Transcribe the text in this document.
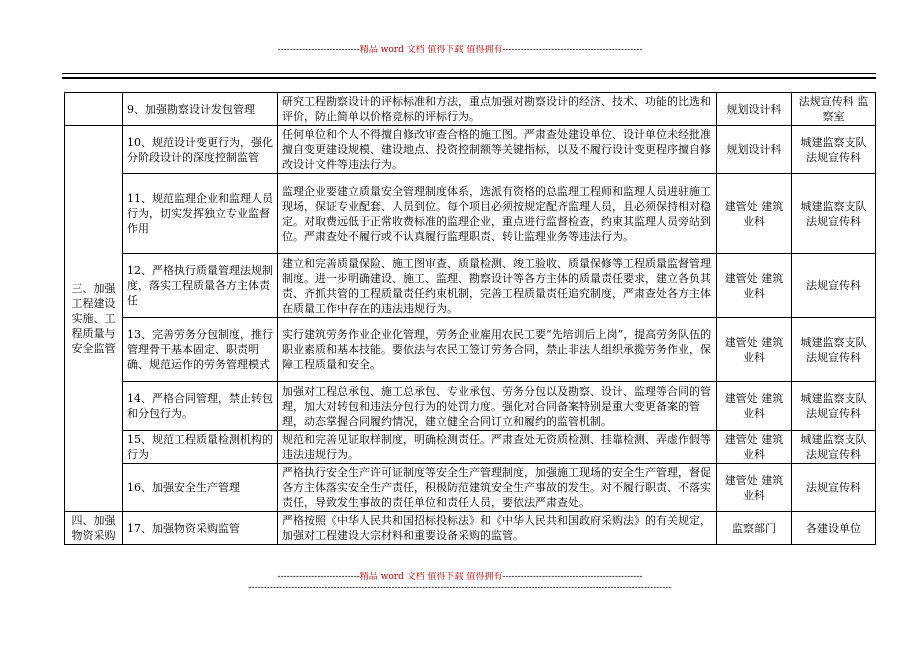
---------------------------精品 word 文档 值得下载 值得拥有----------------------------------------------
	9、加强勘察设计发包管理	研究工程勘察设计的评标标准和方法，重点加强对勘察设计的经济、技术、功能的比选和评价，防止简单以价格竞标的评标行为。	规划设计科	法规宣传科 监察室
三、加强工程建设实施、工程质量与安全监管	10、规范设计变更行为，强化分阶段设计的深度控制监管	任何单位和个人不得擅自修改审查合格的施工图。严肃查处建设单位、设计单位未经批准擅自变更建设规模、建设地点、投资控制额等关键指标，以及不履行设计变更程序擅自修改设计文件等违法行为。	规划设计科	城建监察支队 法规宣传科
	11、规范监理企业和监理人员行为，切实发挥独立专业监督作用	监理企业要建立质量安全管理制度体系，选派有资格的总监理工程师和监理人员进驻施工现场，保证专业配套、人员到位。每个项目必须按规定配齐监理人员，且必须保持相对稳定。对取费远低于正常收费标准的监理企业，重点进行监督检查，约束其监理人员旁站到位。严肃查处不履行或不认真履行监理职责、转让监理业务等违法行为。	建管处 建筑业科	城建监察支队 法规宣传科
	12、严格执行质量管理法规制度，落实工程质量各方主体责任	建立和完善质量保险、施工图审查、质量检测、竣工验收、质量保修等工程质量监督管理制度。进一步明确建设、施工、监理、勘察设计等各方主体的质量责任要求，建立各负其责、齐抓共管的工程质量责任约束机制，完善工程质量责任追究制度，严肃查处各方主体在质量工作中存在的违法违规行为。	建管处 建筑业科	法规宣传科
	13、完善劳务分包制度，推行管理骨干基本固定、职责明确、规范运作的劳务管理模式	实行建筑劳务作业企业化管理，劳务企业雇用农民工要“先培训后上岗”，提高劳务队伍的职业素质和基本技能。要依法与农民工签订劳务合同，禁止非法人组织承揽劳务作业，保障工程质量和安全。	建管处 建筑业科	城建监察支队 法规宣传科
	14、严格合同管理，禁止转包和分包行为。	加强对工程总承包、施工总承包、专业承包、劳务分包以及勘察、设计、监理等合同的管理，加大对转包和违法分包行为的处罚力度。强化对合同备案特别是重大变更备案的管理，动态掌握合同履约情况，建立健全合同订立和履约的监管机制。	建管处 建筑业科	城建监察支队 法规宣传科
	15、规范工程质量检测机构的行为	规范和完善见证取样制度，明确检测责任。严肃查处无资质检测、挂靠检测、弄虚作假等违法违规行为。	建管处 建筑业科	城建监察支队 法规宣传科
	16、加强安全生产管理	严格执行安全生产许可证制度等安全生产管理制度，加强施工现场的安全生产管理，督促各方主体落实安全生产责任，积极防范建筑安全生产事故的发生。对不履行职责、不落实责任，导致发生事故的责任单位和责任人员，要依法严肃查处。	建管处 建筑业科	法规宣传科
四、加强物资采购	17、加强物资采购监管	严格按照《中华人民共和国招标投标法》和《中华人民共和国政府采购法》的有关规定，加强对工程建设大宗材料和重要设备采购的监管。	监察部门	各建设单位
---------------------------精品 word 文档 值得下载 值得拥有----------------------------------------------
-------------------------------------------------------------------------------------------------------------------------------------------
